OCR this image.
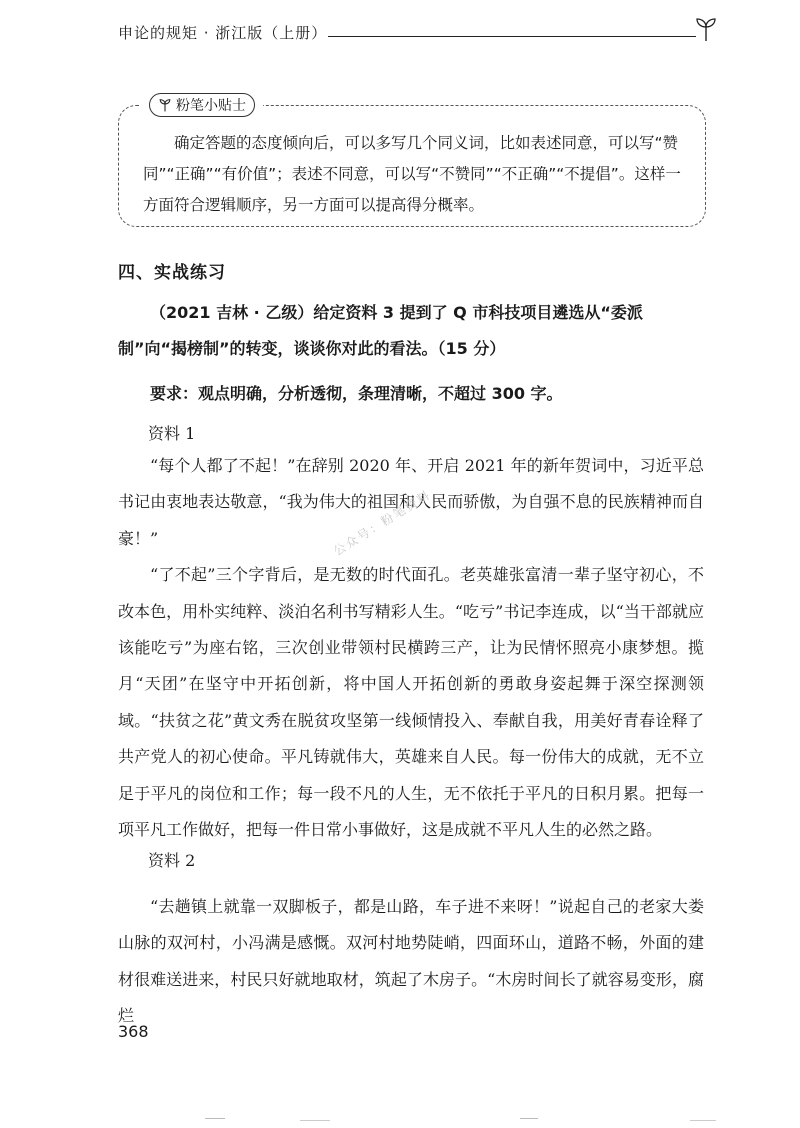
申论的规矩 · 浙江版（上册）
粉笔小贴士
确定答题的态度倾向后，可以多写几个同义词，比如表述同意，可以写“赞同”“正确”“有价值”；表述不同意，可以写“不赞同”“不正确”“不提倡”。这样一方面符合逻辑顺序，另一方面可以提高得分概率。
四、实战练习
（2021 吉林 · 乙级）给定资料 3 提到了 Q 市科技项目遴选从“委派制”向“揭榜制”的转变，谈谈你对此的看法。（15 分）
要求：观点明确，分析透彻，条理清晰，不超过 300 字。
资料 1

“每个人都了不起！”在辞别 2020 年、开启 2021 年的新年贺词中，习近平总书记由衷地表达敬意，“我为伟大的祖国和人民而骄傲，为自强不息的民族精神而自豪！”

“了不起”三个字背后，是无数的时代面孔。老英雄张富清一辈子坚守初心，不改本色，用朴实纯粹、淡泊名利书写精彩人生。“吃亏”书记李连成，以“当干部就应该能吃亏”为座右铭，三次创业带领村民横跨三产，让为民情怀照亮小康梦想。揽月“天团”在坚守中开拓创新，将中国人开拓创新的勇敢身姿起舞于深空探测领域。“扶贫之花”黄文秀在脱贫攻坚第一线倾情投入、奉献自我，用美好青春诠释了共产党人的初心使命。平凡铸就伟大，英雄来自人民。每一份伟大的成就，无不立足于平凡的岗位和工作；每一段不凡的人生，无不依托于平凡的日积月累。把每一项平凡工作做好，把每一件日常小事做好，这是成就不平凡人生的必然之路。

资料 2

“去趟镇上就靠一双脚板子，都是山路，车子进不来呀！”说起自己的老家大娄山脉的双河村，小冯满是感慨。双河村地势陡峭，四面环山，道路不畅，外面的建材很难送进来，村民只好就地取材，筑起了木房子。“木房时间长了就容易变形，腐烂

公众号：粉笔资料
368
